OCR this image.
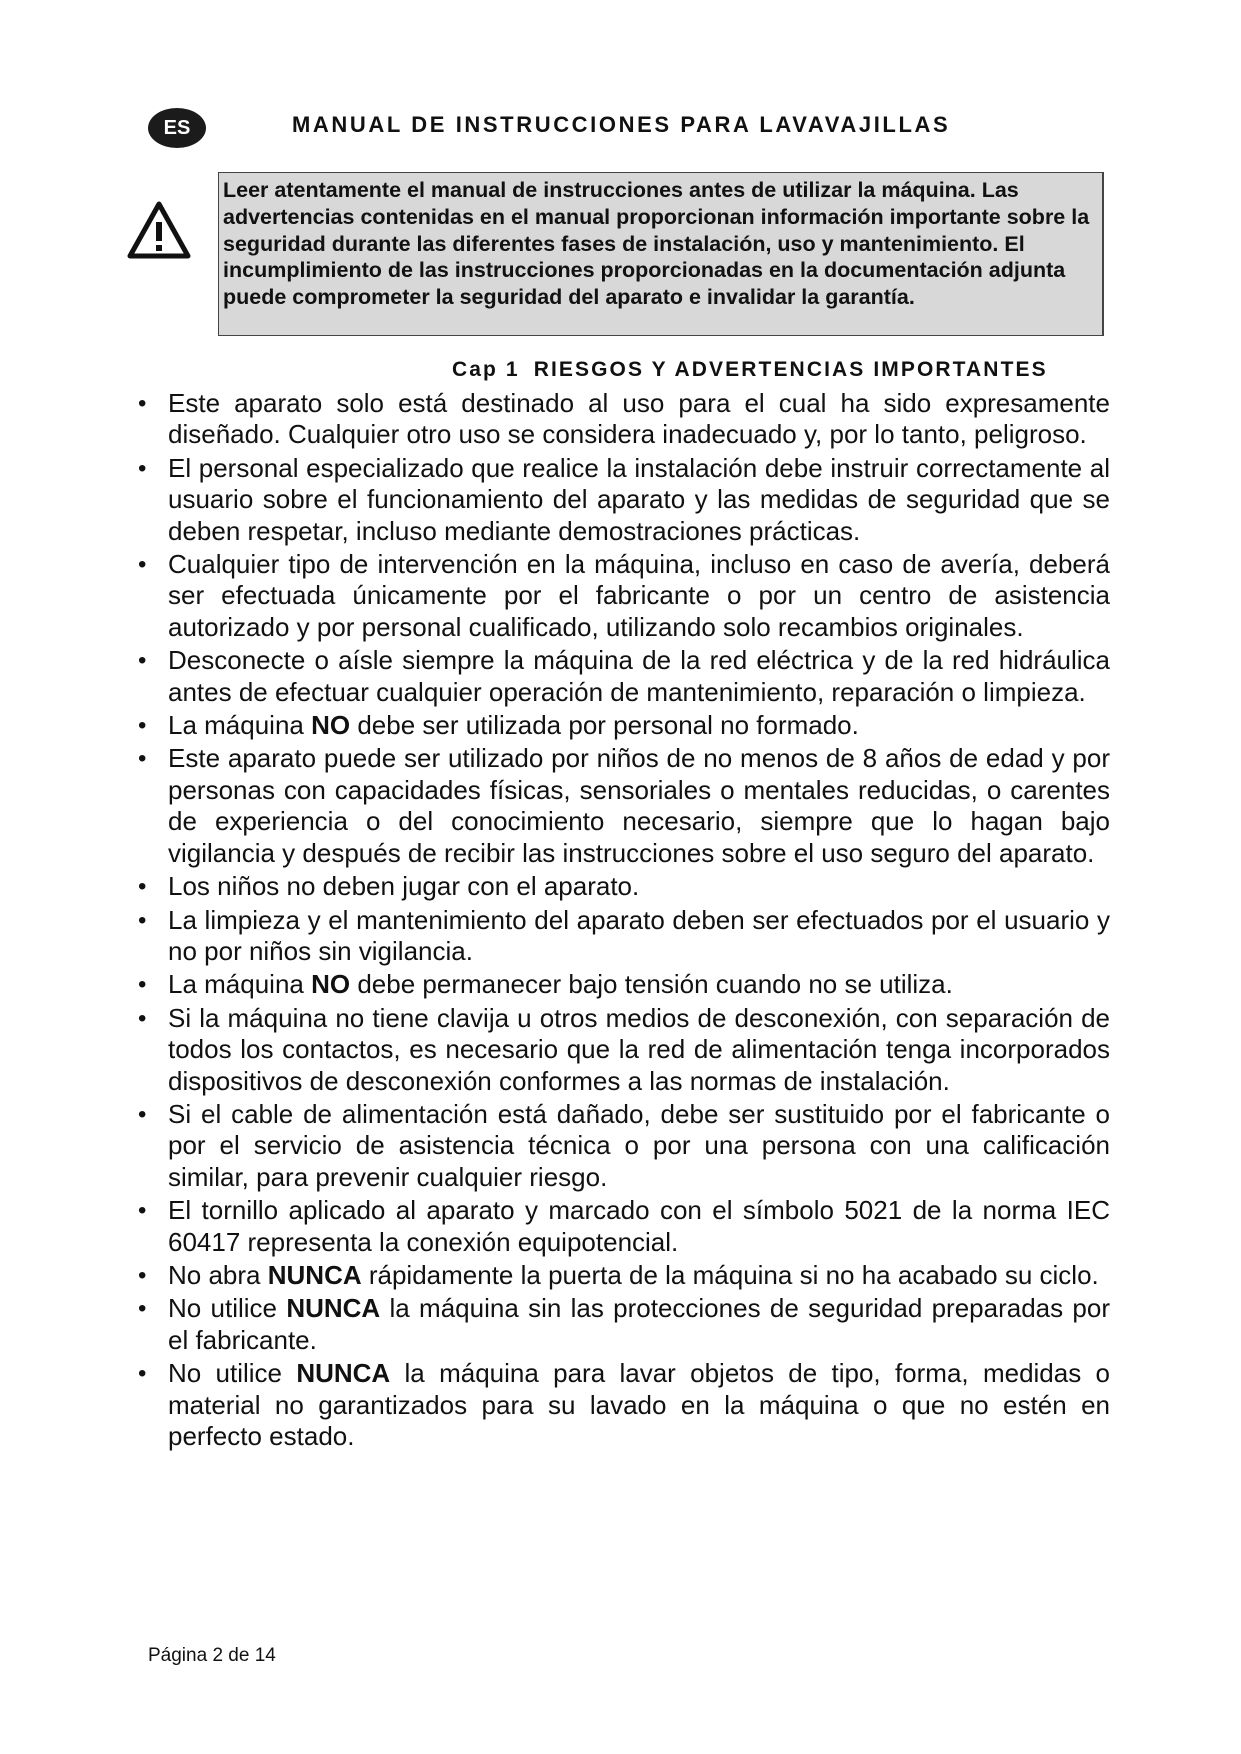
ES	MANUAL DE INSTRUCCIONES PARA LAVAVAJILLAS

Leer atentamente el manual de instrucciones antes de utilizar la máquina. Las advertencias contenidas en el manual proporcionan información importante sobre la seguridad durante las diferentes fases de instalación, uso y mantenimiento. El incumplimiento de las instrucciones proporcionadas en la documentación adjunta puede comprometer la seguridad del aparato e invalidar la garantía.

Cap 1 RIESGOS Y ADVERTENCIAS IMPORTANTES
• Este aparato solo está destinado al uso para el cual ha sido expresamente diseñado. Cualquier otro uso se considera inadecuado y, por lo tanto, peligroso.
• El personal especializado que realice la instalación debe instruir correctamente al usuario sobre el funcionamiento del aparato y las medidas de seguridad que se deben respetar, incluso mediante demostraciones prácticas.
• Cualquier tipo de intervención en la máquina, incluso en caso de avería, deberá ser efectuada únicamente por el fabricante o por un centro de asistencia autorizado y por personal cualificado, utilizando solo recambios originales.
• Desconecte o aísle siempre la máquina de la red eléctrica y de la red hidráulica antes de efectuar cualquier operación de mantenimiento, reparación o limpieza.
• La máquina NO debe ser utilizada por personal no formado.
• Este aparato puede ser utilizado por niños de no menos de 8 años de edad y por personas con capacidades físicas, sensoriales o mentales reducidas, o carentes de experiencia o del conocimiento necesario, siempre que lo hagan bajo vigilancia y después de recibir las instrucciones sobre el uso seguro del aparato.
• Los niños no deben jugar con el aparato.
• La limpieza y el mantenimiento del aparato deben ser efectuados por el usuario y no por niños sin vigilancia.
• La máquina NO debe permanecer bajo tensión cuando no se utiliza.
• Si la máquina no tiene clavija u otros medios de desconexión, con separación de todos los contactos, es necesario que la red de alimentación tenga incorporados dispositivos de desconexión conformes a las normas de instalación.
• Si el cable de alimentación está dañado, debe ser sustituido por el fabricante o por el servicio de asistencia técnica o por una persona con una calificación similar, para prevenir cualquier riesgo.
• El tornillo aplicado al aparato y marcado con el símbolo 5021 de la norma IEC 60417 representa la conexión equipotencial.
• No abra NUNCA rápidamente la puerta de la máquina si no ha acabado su ciclo.
• No utilice NUNCA la máquina sin las protecciones de seguridad preparadas por el fabricante.
• No utilice NUNCA la máquina para lavar objetos de tipo, forma, medidas o material no garantizados para su lavado en la máquina o que no estén en perfecto estado.
Página 2 de 14
